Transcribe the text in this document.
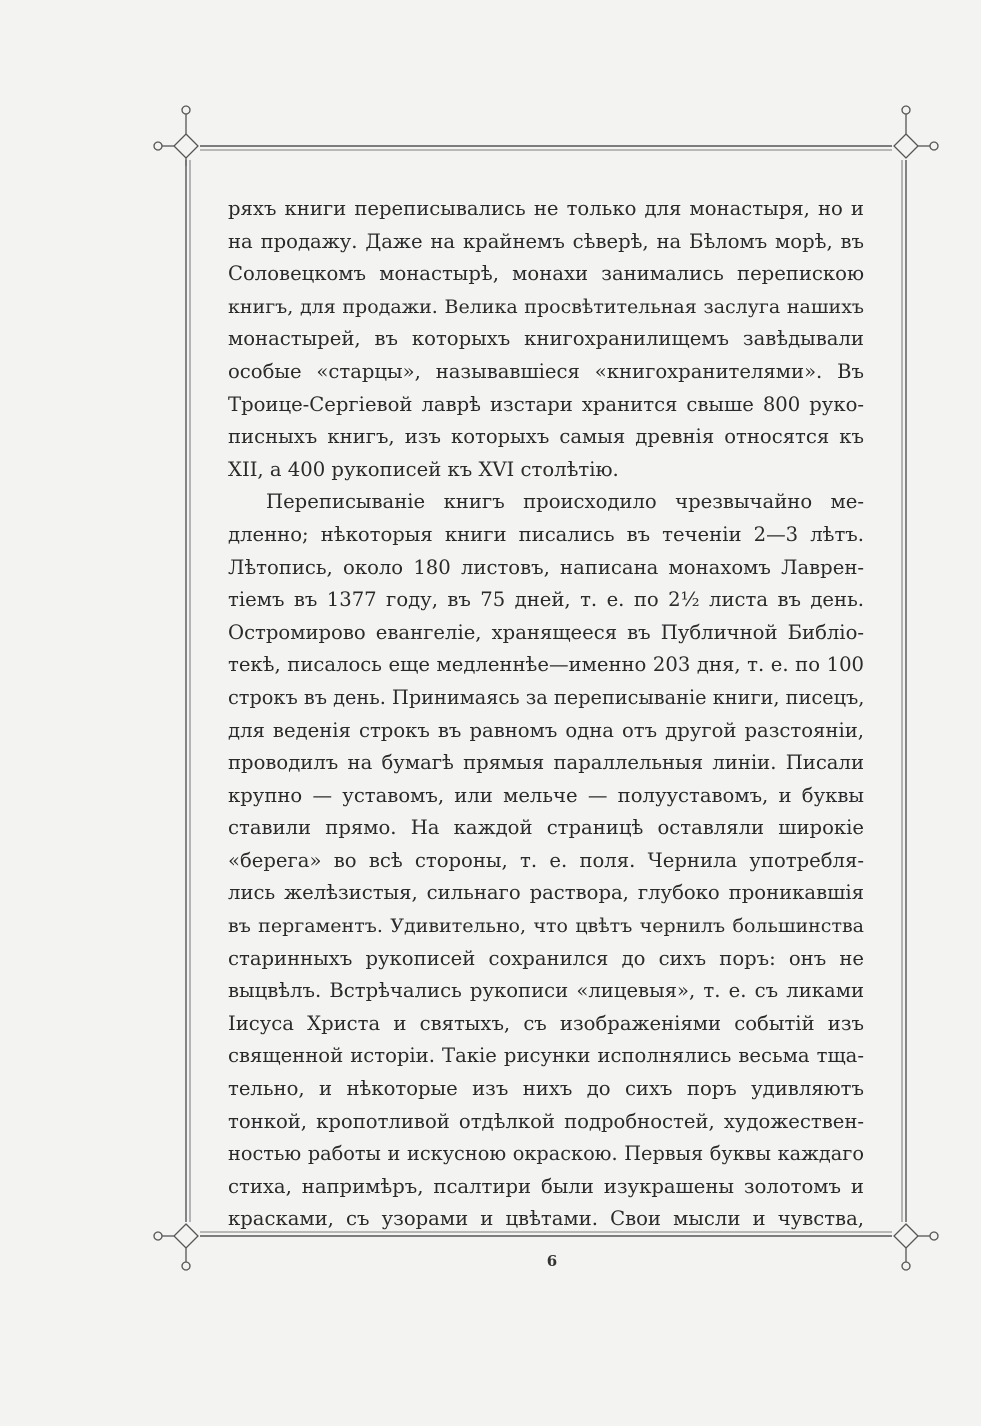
ряхъ книги переписывались не только для монастыря, но и
на продажу. Даже на крайнемъ сѣверѣ, на Бѣломъ морѣ, въ
Соловецкомъ монастырѣ, монахи занимались перепискою
книгъ, для продажи. Велика просвѣтительная заслуга нашихъ
монастырей, въ которыхъ книгохранилищемъ завѣдывали
особые «старцы», называвшіеся «книгохранителями». Въ
Троице-Сергіевой лаврѣ изстари хранится свыше 800 руко-
писныхъ книгъ, изъ которыхъ самыя древнія относятся къ
XII, а 400 рукописей къ XVI столѣтію.
Переписываніе книгъ происходило чрезвычайно ме-
дленно; нѣкоторыя книги писались въ теченіи 2—3 лѣтъ.
Лѣтопись, около 180 листовъ, написана монахомъ Лаврен-
тіемъ въ 1377 году, въ 75 дней, т. е. по 2½ листа въ день.
Остромирово евангеліе, хранящееся въ Публичной Библіо-
текѣ, писалось еще медленнѣе—именно 203 дня, т. е. по 100
строкъ въ день. Принимаясь за переписываніе книги, писецъ,
для веденія строкъ въ равномъ одна отъ другой разстояніи,
проводилъ на бумагѣ прямыя параллельныя линіи. Писали
крупно — уставомъ, или мельче — полууставомъ, и буквы
ставили прямо. На каждой страницѣ оставляли широкіе
«берега» во всѣ стороны, т. е. поля. Чернила употребля-
лись желѣзистыя, сильнаго раствора, глубоко проникавшія
въ пергаментъ. Удивительно, что цвѣтъ чернилъ большинства
старинныхъ рукописей сохранился до сихъ поръ: онъ не
выцвѣлъ. Встрѣчались рукописи «лицевыя», т. е. съ ликами
Іисуса Христа и святыхъ, съ изображеніями событій изъ
священной исторіи. Такіе рисунки исполнялись весьма тща-
тельно, и нѣкоторые изъ нихъ до сихъ поръ удивляютъ
тонкой, кропотливой отдѣлкой подробностей, художествен-
ностью работы и искусною окраскою. Первыя буквы каждаго
стиха, напримѣръ, псалтири были изукрашены золотомъ и
красками, съ узорами и цвѣтами. Свои мысли и чувства,
6
